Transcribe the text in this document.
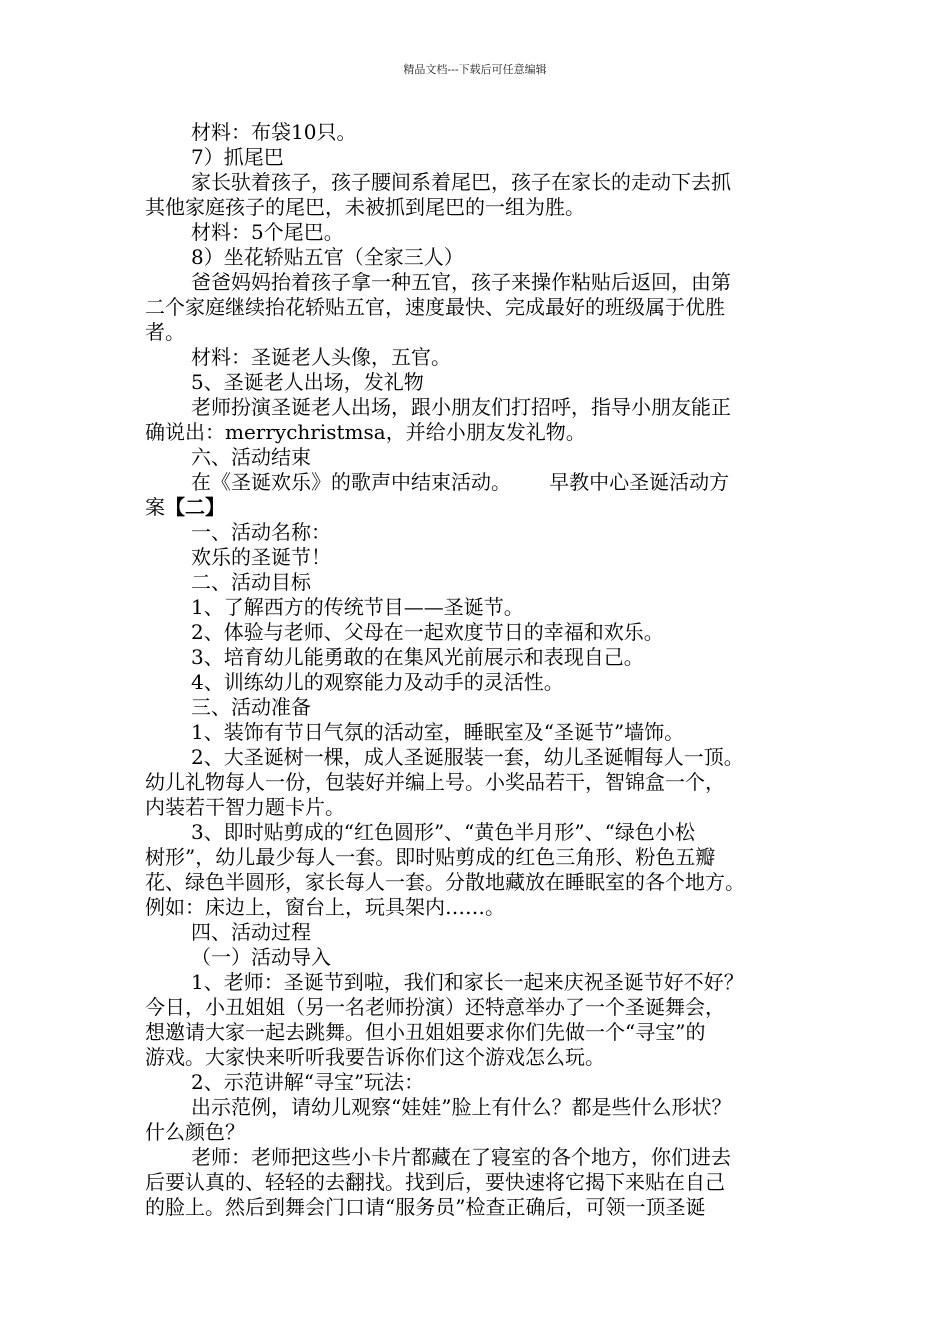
精品文档---下载后可任意编辑
材料：布袋10只。
7）抓尾巴
家长驮着孩子，孩子腰间系着尾巴，孩子在家长的走动下去抓
其他家庭孩子的尾巴，未被抓到尾巴的一组为胜。
材料：5个尾巴。
8）坐花轿贴五官（全家三人）
爸爸妈妈抬着孩子拿一种五官，孩子来操作粘贴后返回，由第
二个家庭继续抬花轿贴五官，速度最快、完成最好的班级属于优胜
者。
材料：圣诞老人头像，五官。
5、圣诞老人出场，发礼物
老师扮演圣诞老人出场，跟小朋友们打招呼，指导小朋友能正
确说出：merrychristmsa，并给小朋友发礼物。
六、活动结束
在《圣诞欢乐》的歌声中结束活动。      早教中心圣诞活动方
案【二】
一、活动名称：
欢乐的圣诞节！
二、活动目标
1、了解西方的传统节目——圣诞节。
2、体验与老师、父母在一起欢度节日的幸福和欢乐。
3、培育幼儿能勇敢的在集风光前展示和表现自己。
4、训练幼儿的观察能力及动手的灵活性。
三、活动准备
1、装饰有节日气氛的活动室，睡眠室及“圣诞节”墙饰。
2、大圣诞树一棵，成人圣诞服装一套，幼儿圣诞帽每人一顶。
幼儿礼物每人一份，包装好并编上号。小奖品若干，智锦盒一个，
内装若干智力题卡片。
3、即时贴剪成的“红色圆形”、“黄色半月形”、“绿色小松
树形”，幼儿最少每人一套。即时贴剪成的红色三角形、粉色五瓣
花、绿色半圆形，家长每人一套。分散地藏放在睡眠室的各个地方。
例如：床边上，窗台上，玩具架内……。
四、活动过程
（一）活动导入
1、老师：圣诞节到啦，我们和家长一起来庆祝圣诞节好不好？
今日，小丑姐姐（另一名老师扮演）还特意举办了一个圣诞舞会，
想邀请大家一起去跳舞。但小丑姐姐要求你们先做一个“寻宝”的
游戏。大家快来听听我要告诉你们这个游戏怎么玩。
2、示范讲解“寻宝”玩法：
出示范例，请幼儿观察“娃娃”脸上有什么？都是些什么形状？
什么颜色？
老师：老师把这些小卡片都藏在了寝室的各个地方，你们进去
后要认真的、轻轻的去翻找。找到后，要快速将它揭下来贴在自己
的脸上。然后到舞会门口请“服务员”检查正确后，可领一顶圣诞
